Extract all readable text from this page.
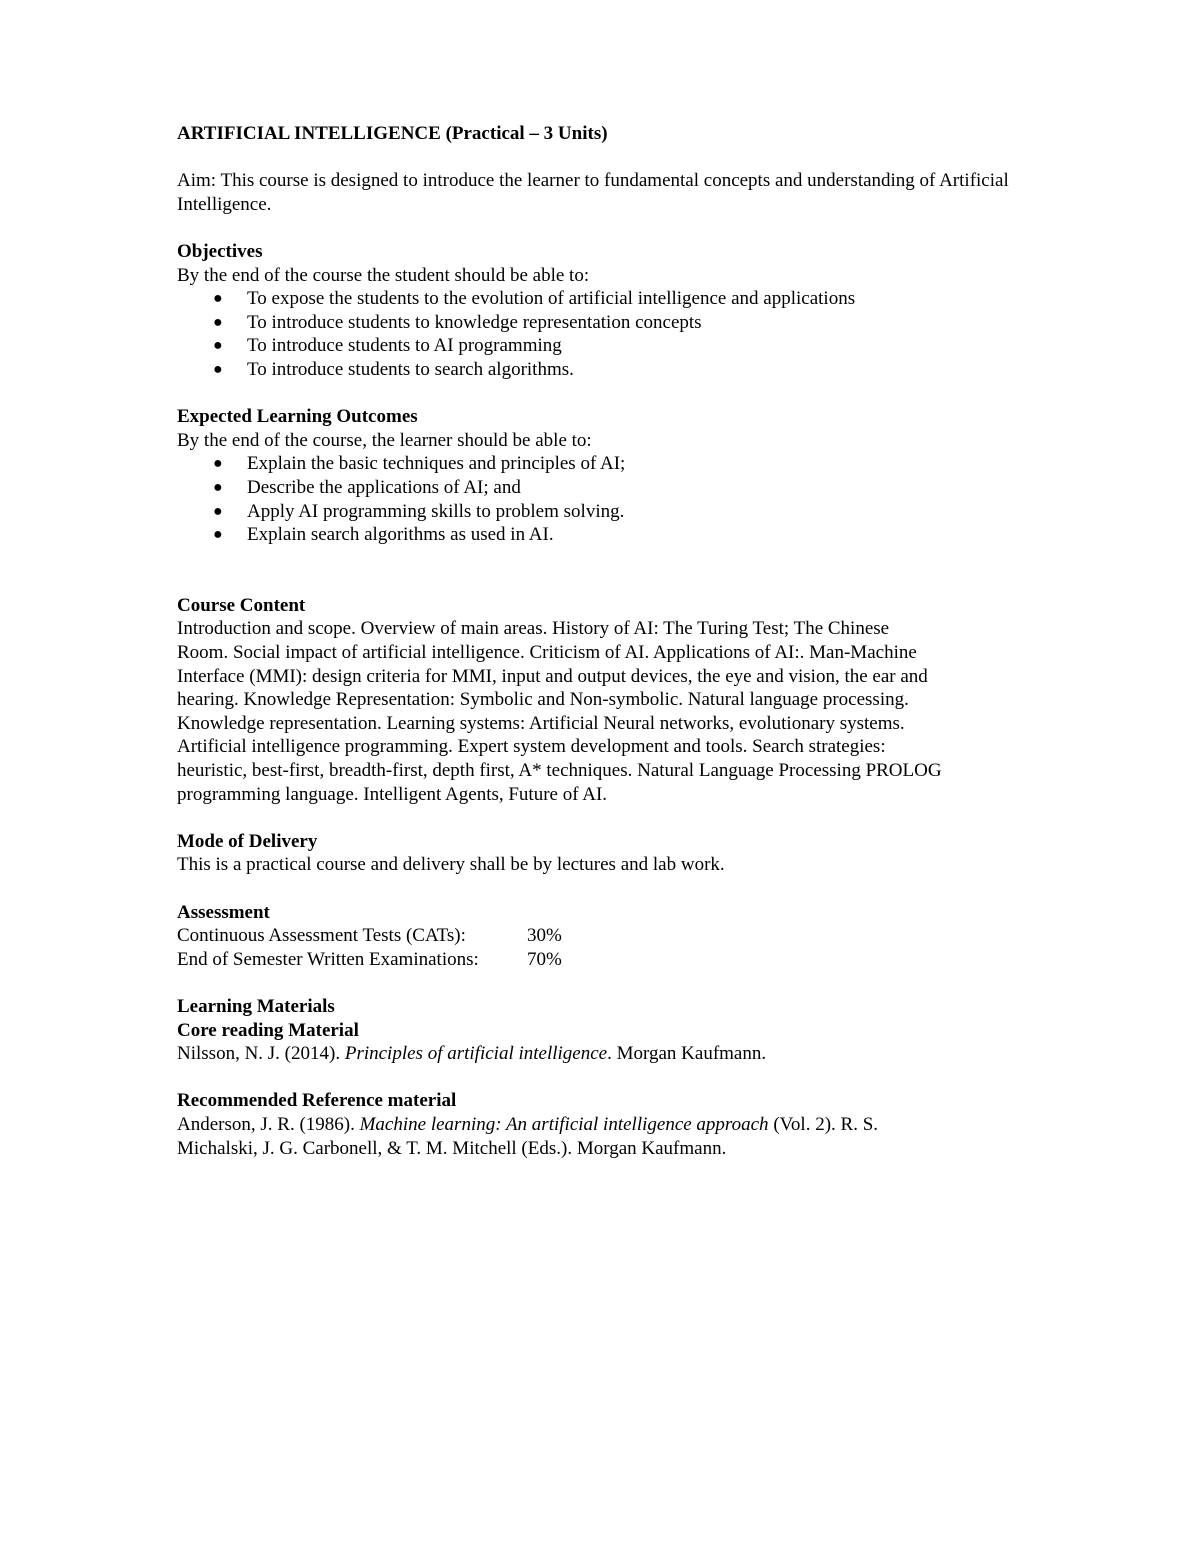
ARTIFICIAL INTELLIGENCE (Practical – 3 Units)

Aim: This course is designed to introduce the learner to fundamental concepts and understanding of Artificial Intelligence.

Objectives

By the end of the course the student should be able to:

● To expose the students to the evolution of artificial intelligence and applications
● To introduce students to knowledge representation concepts
● To introduce students to AI programming
● To introduce students to search algorithms.

Expected Learning Outcomes

By the end of the course, the learner should be able to:

● Explain the basic techniques and principles of AI;
● Describe the applications of AI; and
● Apply AI programming skills to problem solving.
● Explain search algorithms as used in AI.

Course Content

Introduction and scope. Overview of main areas. History of AI: The Turing Test; The Chinese
Room. Social impact of artificial intelligence. Criticism of AI. Applications of AI:. Man-Machine
Interface (MMI): design criteria for MMI, input and output devices, the eye and vision, the ear and
hearing. Knowledge Representation: Symbolic and Non-symbolic. Natural language processing.
Knowledge representation. Learning systems: Artificial Neural networks, evolutionary systems.
Artificial intelligence programming. Expert system development and tools. Search strategies:
heuristic, best-first, breadth-first, depth first, A* techniques. Natural Language Processing PROLOG
programming language. Intelligent Agents, Future of AI.

Mode of Delivery

This is a practical course and delivery shall be by lectures and lab work.

Assessment

Continuous Assessment Tests (CATs):	30%
End of Semester Written Examinations:	70%

Learning Materials

Core reading Material

Nilsson, N. J. (2014). Principles of artificial intelligence. Morgan Kaufmann.

Recommended Reference material

Anderson, J. R. (1986). Machine learning: An artificial intelligence approach (Vol. 2). R. S.
Michalski, J. G. Carbonell, & T. M. Mitchell (Eds.). Morgan Kaufmann.
